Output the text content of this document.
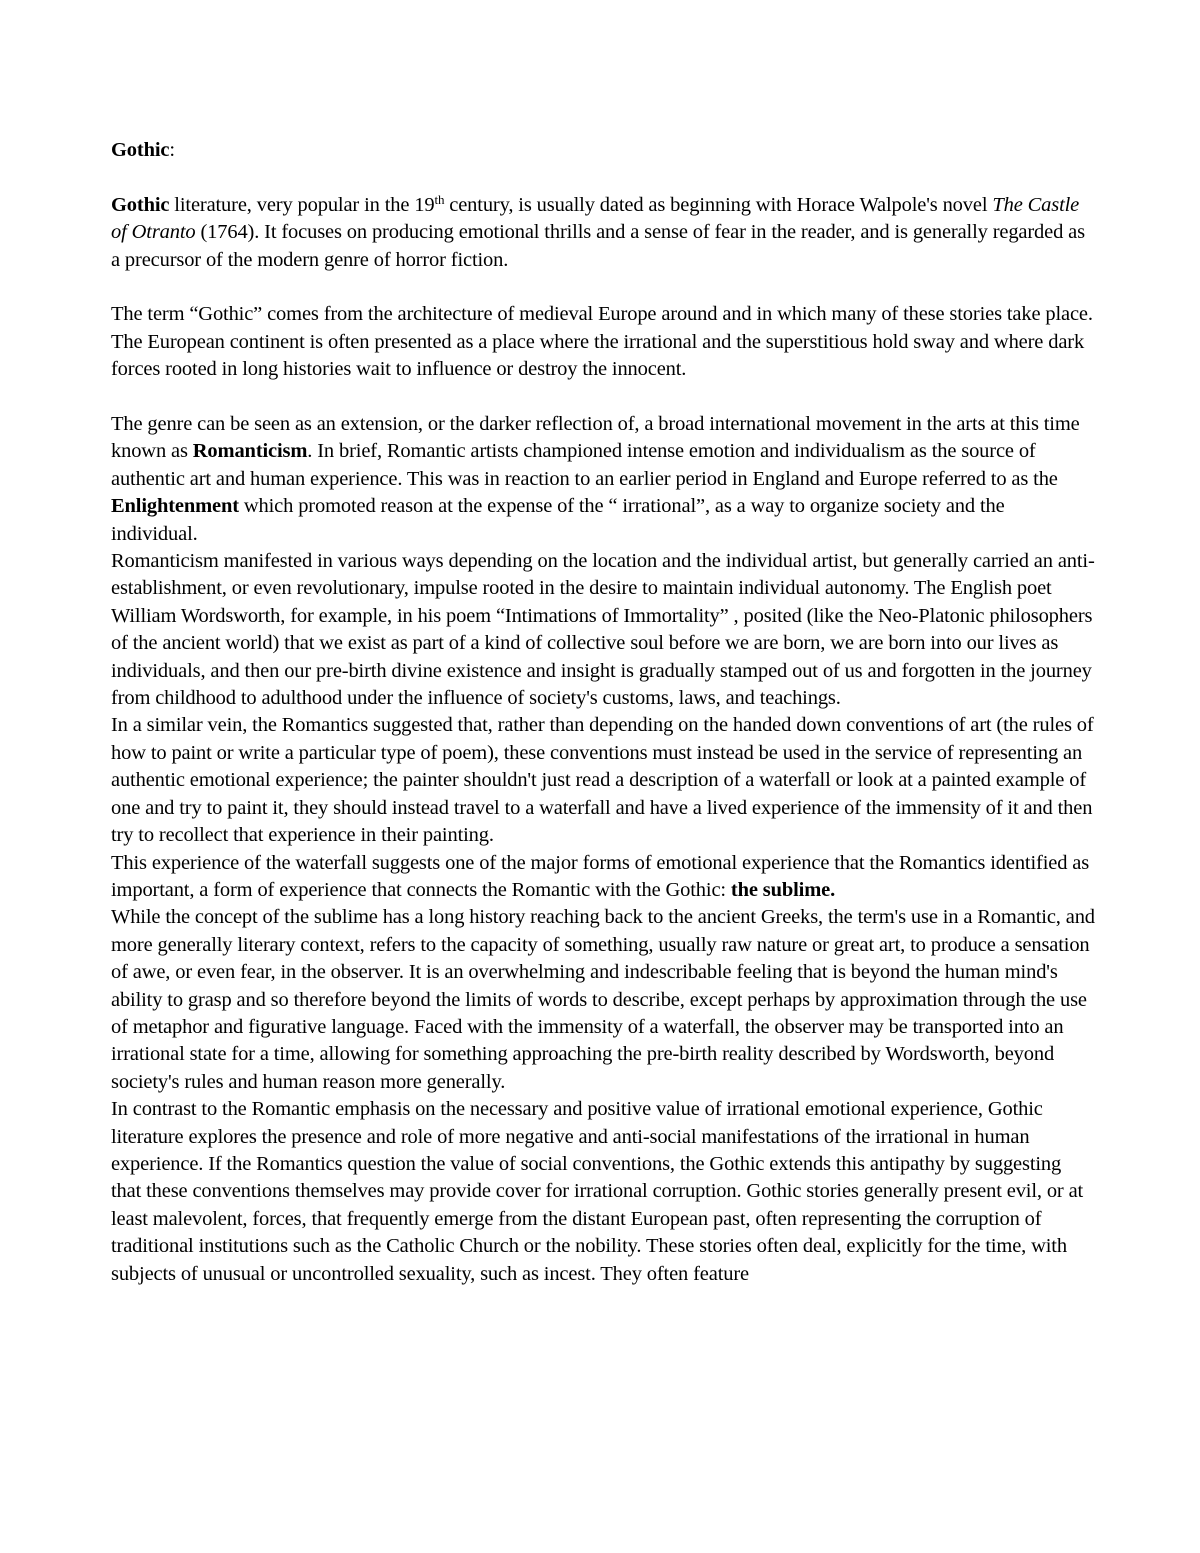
Gothic:

Gothic literature, very popular in the 19th century, is usually dated as beginning with Horace Walpole's novel The Castle of Otranto (1764). It focuses on producing emotional thrills and a sense of fear in the reader, and is generally regarded as a precursor of the modern genre of horror fiction.

The term “Gothic” comes from the architecture of medieval Europe around and in which many of these stories take place. The European continent is often presented as a place where the irrational and the superstitious hold sway and where dark forces rooted in long histories wait to influence or destroy the innocent.

The genre can be seen as an extension, or the darker reflection of, a broad international movement in the arts at this time known as Romanticism. In brief, Romantic artists championed intense emotion and individualism as the source of authentic art and human experience. This was in reaction to an earlier period in England and Europe referred to as the Enlightenment which promoted reason at the expense of the “ irrational”, as a way to organize society and the individual.

Romanticism manifested in various ways depending on the location and the individual artist, but generally carried an anti-establishment, or even revolutionary, impulse rooted in the desire to maintain individual autonomy. The English poet William Wordsworth, for example, in his poem “Intimations of Immortality” , posited (like the Neo-Platonic philosophers of the ancient world) that we exist as part of a kind of collective soul before we are born, we are born into our lives as individuals, and then our pre-birth divine existence and insight is gradually stamped out of us and forgotten in the journey from childhood to adulthood under the influence of society's customs, laws, and teachings.

In a similar vein, the Romantics suggested that, rather than depending on the handed down conventions of art (the rules of how to paint or write a particular type of poem), these conventions must instead be used in the service of representing an authentic emotional experience; the painter shouldn't just read a description of a waterfall or look at a painted example of one and try to paint it, they should instead travel to a waterfall and have a lived experience of the immensity of it and then try to recollect that experience in their painting.

This experience of the waterfall suggests one of the major forms of emotional experience that the Romantics identified as important, a form of experience that connects the Romantic with the Gothic: the sublime.

While the concept of the sublime has a long history reaching back to the ancient Greeks, the term's use in a Romantic, and more generally literary context, refers to the capacity of something, usually raw nature or great art, to produce a sensation of awe, or even fear, in the observer. It is an overwhelming and indescribable feeling that is beyond the human mind's ability to grasp and so therefore beyond the limits of words to describe, except perhaps by approximation through the use of metaphor and figurative language. Faced with the immensity of a waterfall, the observer may be transported into an irrational state for a time, allowing for something approaching the pre-birth reality described by Wordsworth, beyond society's rules and human reason more generally.

In contrast to the Romantic emphasis on the necessary and positive value of irrational emotional experience, Gothic literature explores the presence and role of more negative and anti-social manifestations of the irrational in human experience. If the Romantics question the value of social conventions, the Gothic extends this antipathy by suggesting that these conventions themselves may provide cover for irrational corruption. Gothic stories generally present evil, or at least malevolent, forces, that frequently emerge from the distant European past, often representing the corruption of traditional institutions such as the Catholic Church or the nobility. These stories often deal, explicitly for the time, with subjects of unusual or uncontrolled sexuality, such as incest. They often feature
